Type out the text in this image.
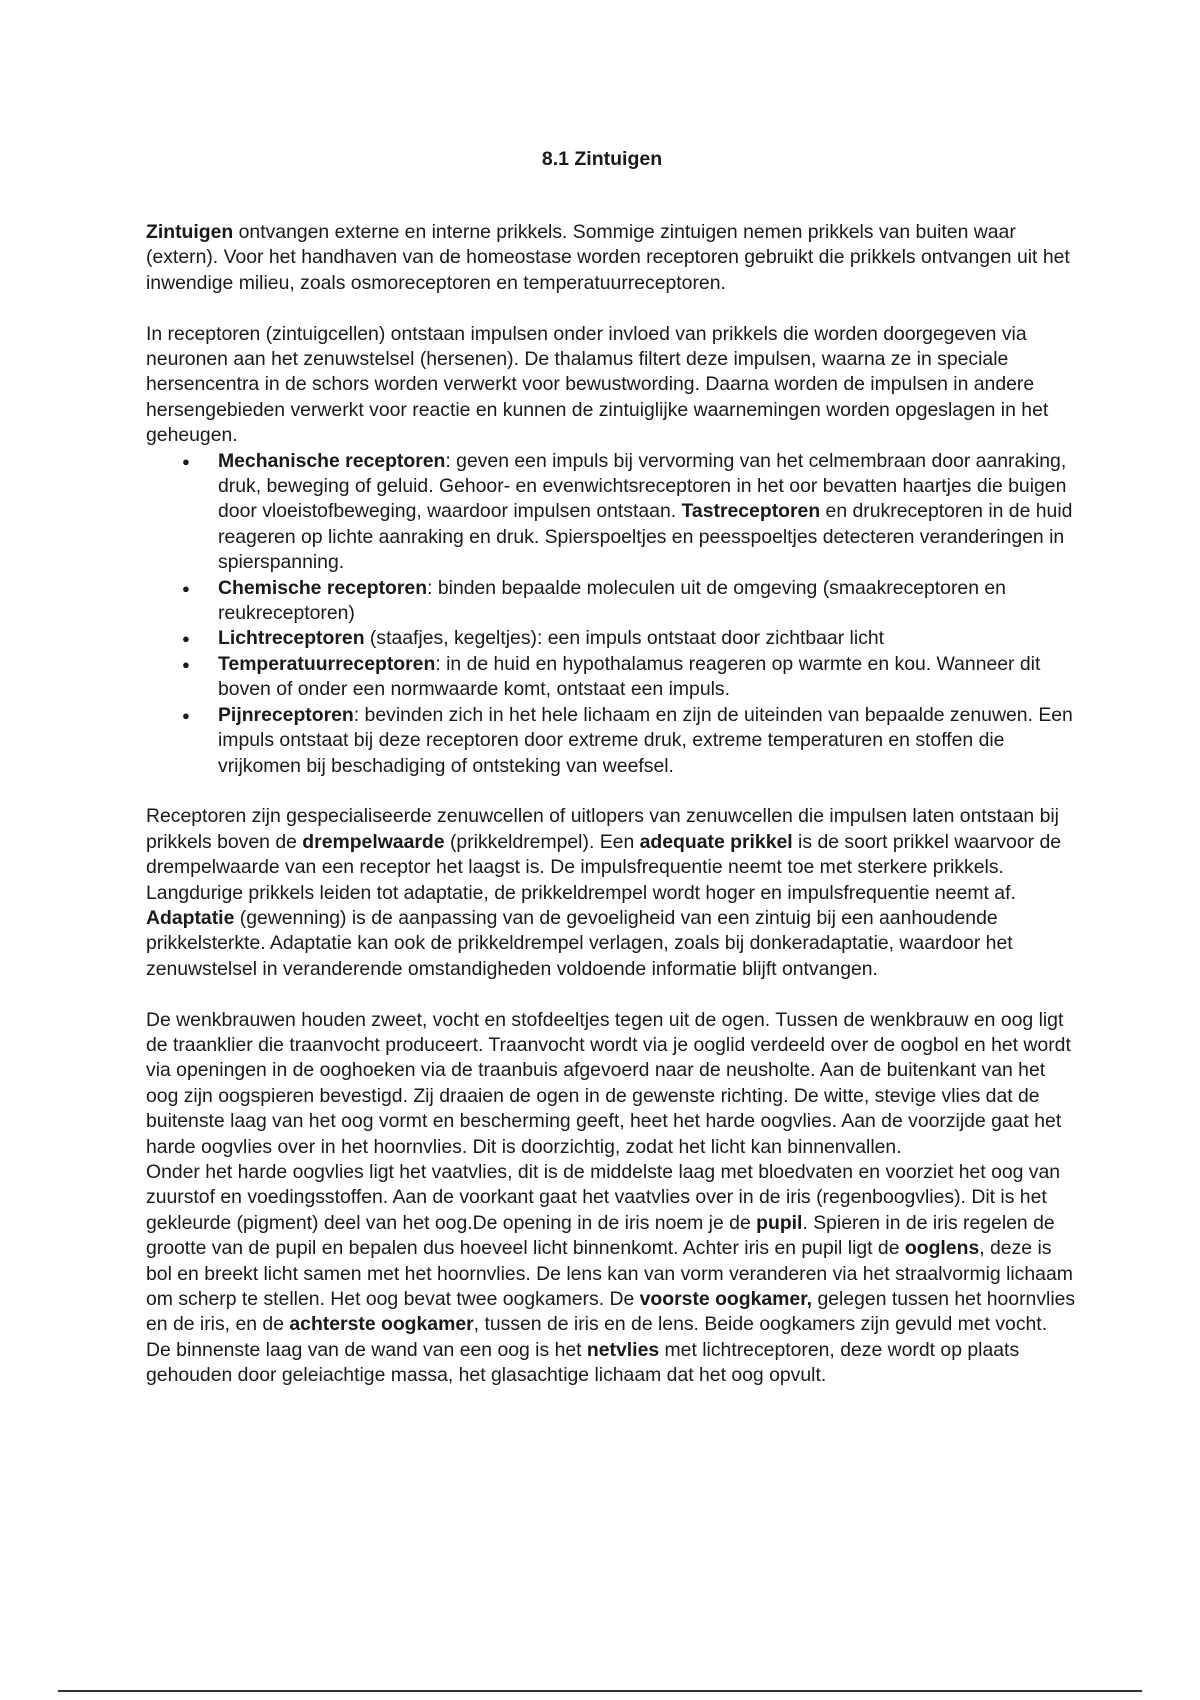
8.1 Zintuigen

Zintuigen ontvangen externe en interne prikkels. Sommige zintuigen nemen prikkels van buiten waar (extern). Voor het handhaven van de homeostase worden receptoren gebruikt die prikkels ontvangen uit het inwendige milieu, zoals osmoreceptoren en temperatuurreceptoren.

In receptoren (zintuigcellen) ontstaan impulsen onder invloed van prikkels die worden doorgegeven via neuronen aan het zenuwstelsel (hersenen). De thalamus filtert deze impulsen, waarna ze in speciale hersencentra in de schors worden verwerkt voor bewustwording. Daarna worden de impulsen in andere hersengebieden verwerkt voor reactie en kunnen de zintuiglijke waarnemingen worden opgeslagen in het geheugen.

● Mechanische receptoren: geven een impuls bij vervorming van het celmembraan door aanraking, druk, beweging of geluid. Gehoor- en evenwichtsreceptoren in het oor bevatten haartjes die buigen door vloeistofbeweging, waardoor impulsen ontstaan. Tastreceptoren en drukreceptoren in de huid reageren op lichte aanraking en druk. Spierspoeltjes en peesspoeltjes detecteren veranderingen in spierspanning.
● Chemische receptoren: binden bepaalde moleculen uit de omgeving (smaakreceptoren en reukreceptoren)
● Lichtreceptoren (staafjes, kegeltjes): een impuls ontstaat door zichtbaar licht
● Temperatuurreceptoren: in de huid en hypothalamus reageren op warmte en kou. Wanneer dit boven of onder een normwaarde komt, ontstaat een impuls.
● Pijnreceptoren: bevinden zich in het hele lichaam en zijn de uiteinden van bepaalde zenuwen. Een impuls ontstaat bij deze receptoren door extreme druk, extreme temperaturen en stoffen die vrijkomen bij beschadiging of ontsteking van weefsel.

Receptoren zijn gespecialiseerde zenuwcellen of uitlopers van zenuwcellen die impulsen laten ontstaan bij prikkels boven de drempelwaarde (prikkeldrempel). Een adequate prikkel is de soort prikkel waarvoor de drempelwaarde van een receptor het laagst is. De impulsfrequentie neemt toe met sterkere prikkels. Langdurige prikkels leiden tot adaptatie, de prikkeldrempel wordt hoger en impulsfrequentie neemt af. Adaptatie (gewenning) is de aanpassing van de gevoeligheid van een zintuig bij een aanhoudende prikkelsterkte. Adaptatie kan ook de prikkeldrempel verlagen, zoals bij donkeradaptatie, waardoor het zenuwstelsel in veranderende omstandigheden voldoende informatie blijft ontvangen.

De wenkbrauwen houden zweet, vocht en stofdeeltjes tegen uit de ogen. Tussen de wenkbrauw en oog ligt de traanklier die traanvocht produceert. Traanvocht wordt via je ooglid verdeeld over de oogbol en het wordt via openingen in de ooghoeken via de traanbuis afgevoerd naar de neusholte. Aan de buitenkant van het oog zijn oogspieren bevestigd. Zij draaien de ogen in de gewenste richting. De witte, stevige vlies dat de buitenste laag van het oog vormt en bescherming geeft, heet het harde oogvlies. Aan de voorzijde gaat het harde oogvlies over in het hoornvlies. Dit is doorzichtig, zodat het licht kan binnenvallen.

Onder het harde oogvlies ligt het vaatvlies, dit is de middelste laag met bloedvaten en voorziet het oog van zuurstof en voedingsstoffen. Aan de voorkant gaat het vaatvlies over in de iris (regenboogvlies). Dit is het gekleurde (pigment) deel van het oog.De opening in de iris noem je de pupil. Spieren in de iris regelen de grootte van de pupil en bepalen dus hoeveel licht binnenkomt. Achter iris en pupil ligt de ooglens, deze is bol en breekt licht samen met het hoornvlies. De lens kan van vorm veranderen via het straalvormig lichaam om scherp te stellen. Het oog bevat twee oogkamers. De voorste oogkamer, gelegen tussen het hoornvlies en de iris, en de achterste oogkamer, tussen de iris en de lens. Beide oogkamers zijn gevuld met vocht. De binnenste laag van de wand van een oog is het netvlies met lichtreceptoren, deze wordt op plaats gehouden door geleiachtige massa, het glasachtige lichaam dat het oog opvult.
